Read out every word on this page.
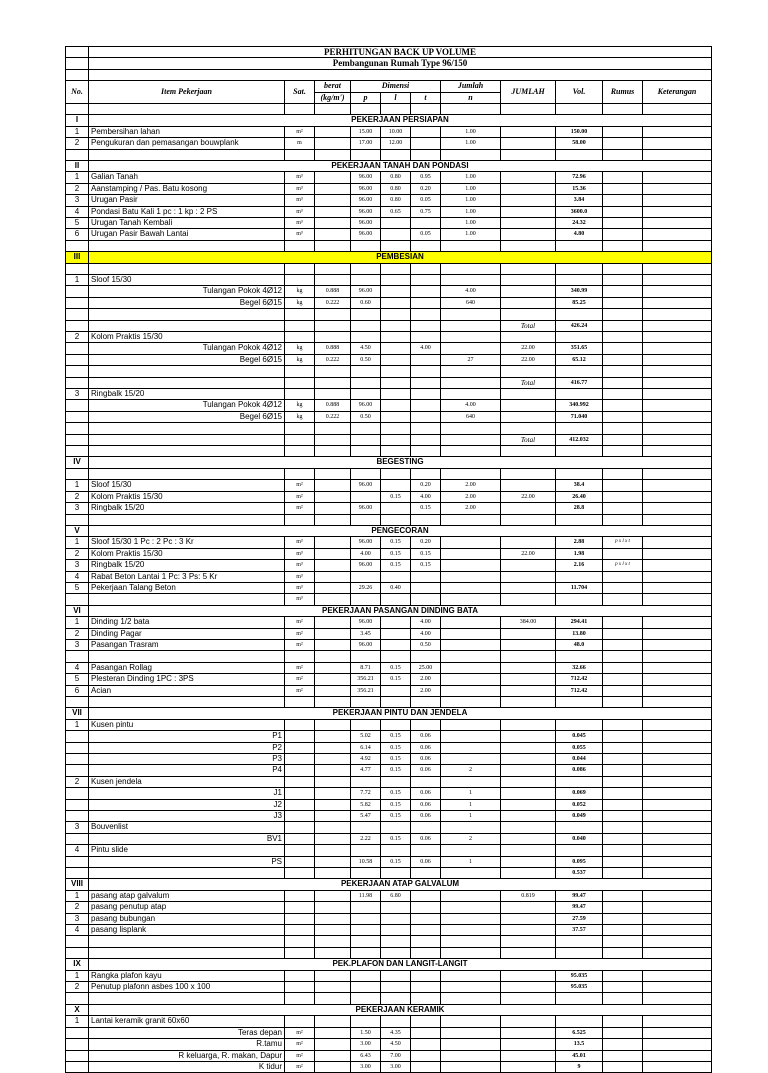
	PERHITUNGAN BACK UP VOLUME										
	Pembangunan Rumah Type 96/150										

No.	Item Pekerjaan	Sat.	berat	Dimensi			Jumlah	JUMLAH	Vol.	Rumus	Keterangan
			(kg/m')	p	l	t	n				

I	PEKERJAAN PERSIAPAN										
1	Pembersihan lahan	m²		15.00	10.00		1.00		150.00		
2	Pengukuran dan pemasangan bouwplank	m		17.00	12.00		1.00		58.00		

II	PEKERJAAN TANAH DAN PONDASI										
1	Galian Tanah	m³		96.00	0.80	0.95	1.00		72.96		
2	Aanstamping / Pas. Batu kosong	m³		96.00	0.80	0.20	1.00		15.36		
3	Urugan Pasir	m³		96.00	0.80	0.05	1.00		3.84		
4	Pondasi Batu Kali 1 pc : 1 kp : 2 PS	m³		96.00	0.65	0.75	1.00		3600.0		
5	Urugan Tanah Kembali	m³		96.00			1.00		24.32		
6	Urugan Pasir Bawah Lantai	m³		96.00		0.05	1.00		4.80		

III	PEMBESIAN										

1	Sloof 15/30										
	Tulangan Pokok 4Ø12	kg	0.888	96.00			4.00		340.99		
	Begel 6Ø15	kg	0.222	0.60			640		85.25		

								Total	426.24		
2	Kolom Praktis 15/30										
	Tulangan Pokok 4Ø12	kg	0.888	4.50		4.00		22.00	351.65		
	Begel 6Ø15	kg	0.222	0.50			27	22.00	65.12		

								Total	416.77		
3	Ringbalk 15/20										
	Tulangan Pokok 4Ø12	kg	0.888	96.00			4.00		340.992		
	Begel 6Ø15	kg	0.222	0.50			640		71.040		

								Total	412.032		

IV	BEGESTING										

1	Sloof 15/30	m²		96.00		0.20	2.00		38.4		
2	Kolom Praktis 15/30	m²			0.15	4.00	2.00	22.00	26.40		
3	Ringbalk 15/20	m²		96.00		0.15	2.00		28.8		

V	PENGECORAN										
1	Sloof 15/30 1 Pc : 2 Pc : 3 Kr	m³		96.00	0.15	0.20			2.88	p x l x t	
2	Kolom Praktis 15/30	m³		4.00	0.15	0.15		22.00	1.98		
3	Ringbalk 15/20	m³		96.00	0.15	0.15			2.16	p x l x t	
4	Rabat Beton Lantai 1 Pc: 3 Ps: 5 Kr	m³									
5	Pekerjaan Talang Beton	m³		29.26	0.40				11.704		
		m³									
VI	PEKERJAAN PASANGAN DINDING BATA										
1	Dinding 1/2 bata	m²		96.00		4.00		384.00	294.41		
2	Dinding Pagar	m²		3.45		4.00			13.80		
3	Pasangan Trasram	m²		96.00		0.50			48.0		

4	Pasangan Rollag	m²		8.71	0.15	25.00			32.66		
5	Plesteran Dinding 1PC : 3PS	m²		356.21	0.15	2.00			712.42		
6	Acian	m²		356.21		2.00			712.42		

VII	PEKERJAAN PINTU DAN JENDELA										
1	Kusen pintu										
	P1			5.02	0.15	0.06			0.045		
	P2			6.14	0.15	0.06			0.055		
	P3			4.92	0.15	0.06			0.044		
	P4			4.77	0.15	0.06	2		0.086		
2	Kusen jendela										
	J1			7.72	0.15	0.06	1		0.069		
	J2			5.82	0.15	0.06	1		0.052		
	J3			5.47	0.15	0.06	1		0.049		
3	Bouvenlist										
	BV1			2.22	0.15	0.06	2		0.040		
4	Pintu slide										
	PS			10.58	0.15	0.06	1		0.095		
									0.537		
VIII	PEKERJAAN ATAP GALVALUM										
1	pasang atap galvalum			11.98	6.80			0.819	99.47		
2	pasang penutup atap								99.47		
3	pasang bubungan								27.59		
4	pasang lisplank								37.57		

IX	PEK.PLAFON DAN LANGIT-LANGIT										
1	Rangka plafon kayu								95.035		
2	Penutup plafonn asbes 100 x 100								95.035		

X	PEKERJAAN KERAMIK										
1	Lantai keramik granit 60x60										
	Teras depan	m²		1.50	4.35				6.525		
	R.tamu	m²		3.00	4.50				13.5		
	R keluarga, R. makan, Dapur	m²		6.43	7.00				45.01		
	K tidur	m²		3.00	3.00				9		
